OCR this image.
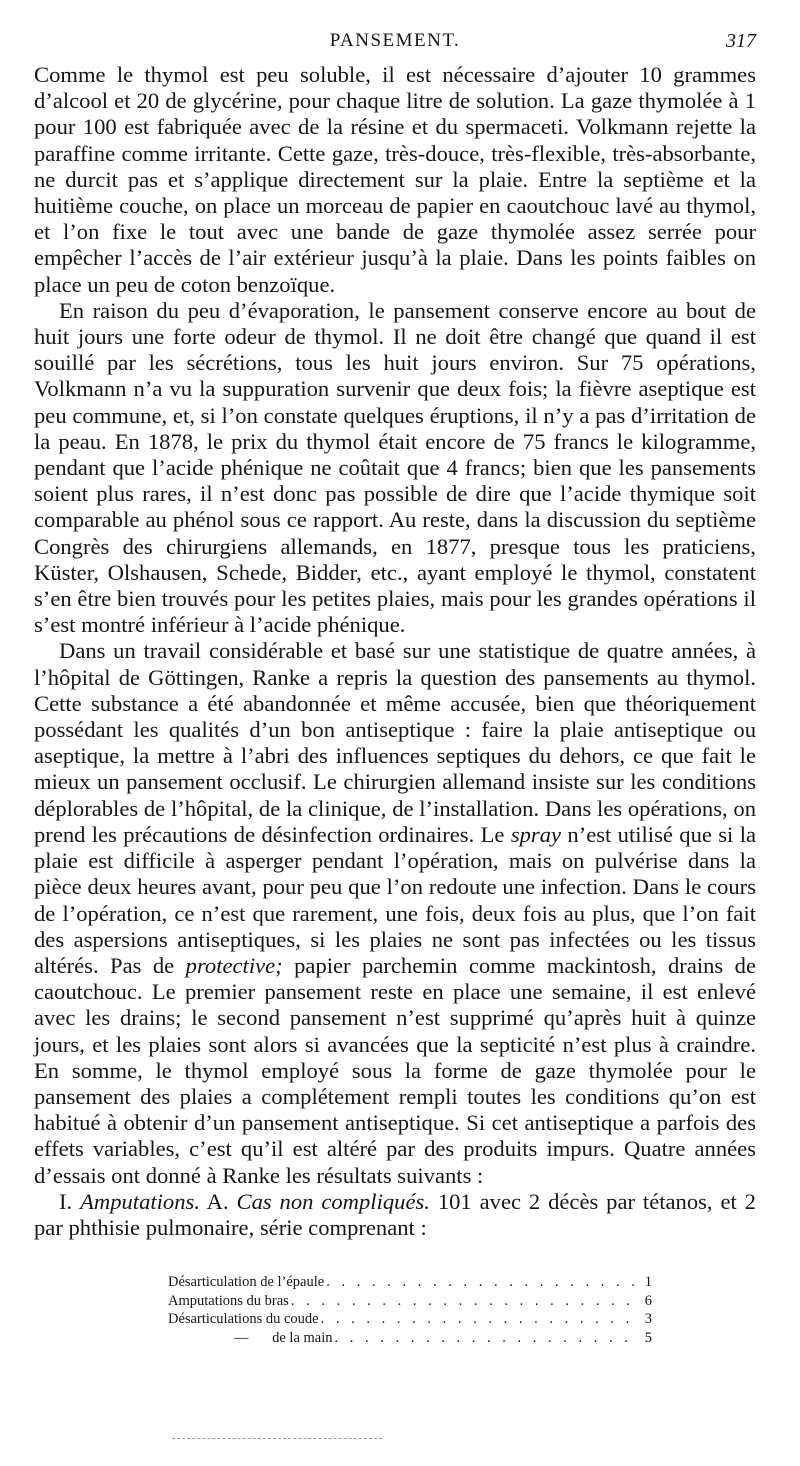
PANSEMENT.	317

Comme le thymol est peu soluble, il est nécessaire d’ajouter 10 grammes d’alcool et 20 de glycérine, pour chaque litre de solution. La gaze thymolée à 1 pour 100 est fabriquée avec de la résine et du spermaceti. Volkmann rejette la paraffine comme irritante. Cette gaze, très-douce, très-flexible, très-absorbante, ne durcit pas et s’applique directement sur la plaie. Entre la septième et la huitième couche, on place un morceau de papier en caoutchouc lavé au thymol, et l’on fixe le tout avec une bande de gaze thymolée assez serrée pour empêcher l’accès de l’air extérieur jusqu’à la plaie. Dans les points faibles on place un peu de coton benzoïque.

En raison du peu d’évaporation, le pansement conserve encore au bout de huit jours une forte odeur de thymol. Il ne doit être changé que quand il est souillé par les sécrétions, tous les huit jours environ. Sur 75 opérations, Volkmann n’a vu la suppuration survenir que deux fois; la fièvre aseptique est peu commune, et, si l’on constate quelques éruptions, il n’y a pas d’irritation de la peau. En 1878, le prix du thymol était encore de 75 francs le kilogramme, pendant que l’acide phénique ne coûtait que 4 francs; bien que les pansements soient plus rares, il n’est donc pas possible de dire que l’acide thymique soit comparable au phénol sous ce rapport. Au reste, dans la discussion du septième Congrès des chirurgiens allemands, en 1877, presque tous les praticiens, Küster, Olshausen, Schede, Bidder, etc., ayant employé le thymol, constatent s’en être bien trouvés pour les petites plaies, mais pour les grandes opérations il s’est montré inférieur à l’acide phénique.

Dans un travail considérable et basé sur une statistique de quatre années, à l’hôpital de Göttingen, Ranke a repris la question des pansements au thymol. Cette substance a été abandonnée et même accusée, bien que théoriquement possédant les qualités d’un bon antiseptique : faire la plaie antiseptique ou aseptique, la mettre à l’abri des influences septiques du dehors, ce que fait le mieux un pansement occlusif. Le chirurgien allemand insiste sur les conditions déplorables de l’hôpital, de la clinique, de l’installation. Dans les opérations, on prend les précautions de désinfection ordinaires. Le spray n’est utilisé que si la plaie est difficile à asperger pendant l’opération, mais on pulvérise dans la pièce deux heures avant, pour peu que l’on redoute une infection. Dans le cours de l’opération, ce n’est que rarement, une fois, deux fois au plus, que l’on fait des aspersions antiseptiques, si les plaies ne sont pas infectées ou les tissus altérés. Pas de protective; papier parchemin comme mackintosh, drains de caoutchouc. Le premier pansement reste en place une semaine, il est enlevé avec les drains; le second pansement n’est supprimé qu’après huit à quinze jours, et les plaies sont alors si avancées que la septicité n’est plus à craindre. En somme, le thymol employé sous la forme de gaze thymolée pour le pansement des plaies a complétement rempli toutes les conditions qu’on est habitué à obtenir d’un pansement antiseptique. Si cet antiseptique a parfois des effets variables, c’est qu’il est altéré par des produits impurs. Quatre années d’essais ont donné à Ranke les résultats suivants :

I. Amputations. A. Cas non compliqués. 101 avec 2 décès par tétanos, et 2 par phthisie pulmonaire, série comprenant :

Désarticulation de l’épaule . . .	1
Amputations du bras . . .	6
Désarticulations du coude . . .	3
— de la main . . .	5
